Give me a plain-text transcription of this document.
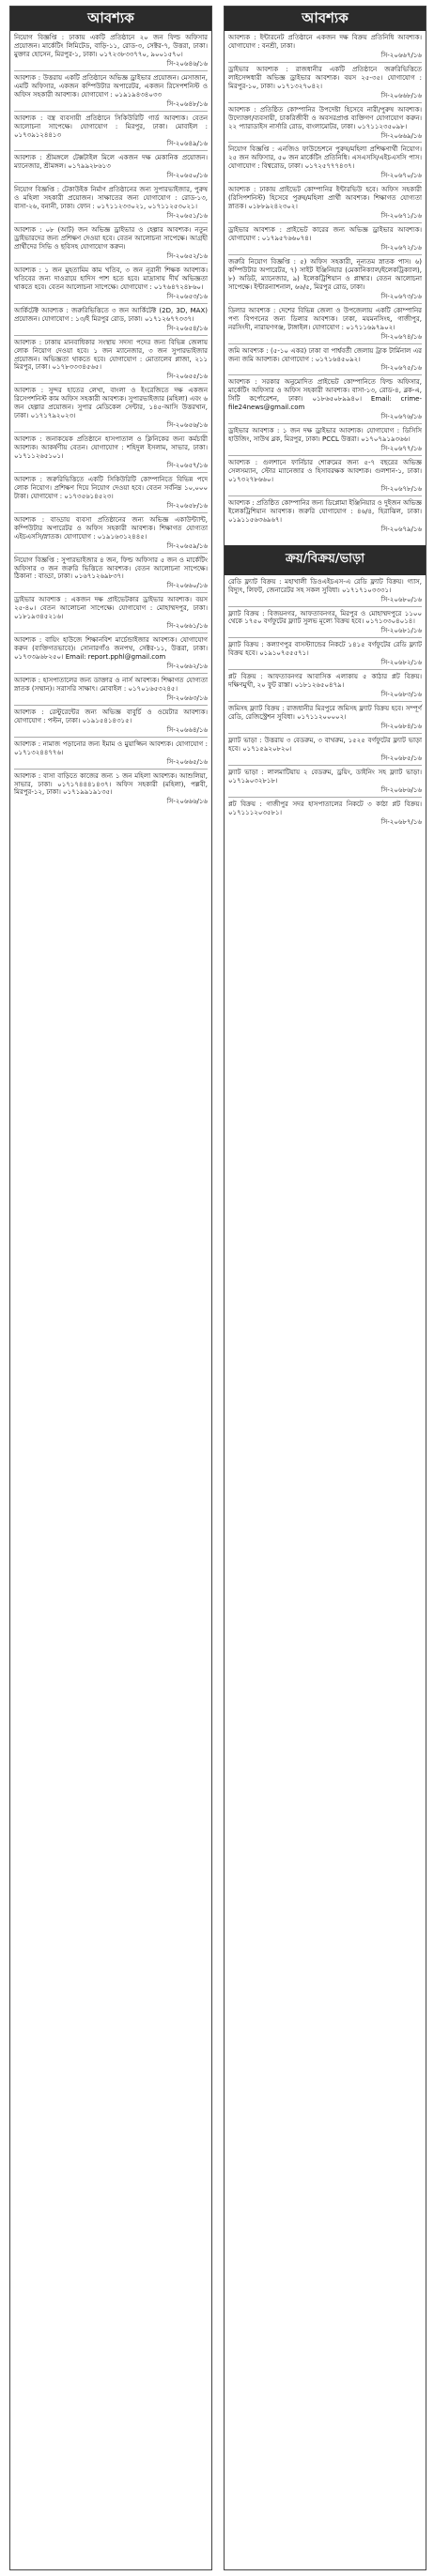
আবশ্যক

নিয়োগ বিজ্ঞপ্তি : ঢাকায় একটি প্রতিষ্ঠানে ২০ জন ফিল্ড অফিসার প্রয়োজন। মার্কেটিং লিমিটেড, বাড়ি-১১, রোড-৩, সেক্টর-৭, উত্তরা, ঢাকা। মুক্তার হোসেন, মিরপুর-১, ঢাকা। ০১৭২৩৮৩৩৭৭০, ৯০০১৫৭০।

সি-২০৬৪৬/১৬

আবশ্যক : উত্তরায় একটি প্রতিষ্ঠানে অভিজ্ঞ ড্রাইভার প্রয়োজন। মেসাজান, এমটি অফিসার, একজন কম্পিউটার অপারেটর, একজন রিসেপশনিস্ট ও অফিস সহকারী আবশ্যক। যোগাযোগ : ০১৯১৯৪৩৪০৩৩

সি-২০৬৪৮/১৬

আবশ্যক : বস্ত্র ব্যবসায়ী প্রতিষ্ঠানে সিকিউরিটি গার্ড আবশ্যক। বেতন আলোচনা সাপেক্ষে। যোগাযোগ : মিরপুর, ঢাকা। মোবাইল : ০১৭৩৯১২৪৪১৩

সি-২০৬৪৯/১৬

আবশ্যক : শ্রীমঙ্গলে টেক্সটাইল মিলে একজন দক্ষ মেকানিক প্রয়োজন। ম্যানেজার, শ্রীমঙ্গল। ০১৭৯৯২৮৬১৩

সি-২০৬৫০/১৬

নিয়োগ বিজ্ঞপ্তি : টেকাউইক নির্মাণ প্রতিষ্ঠানের জন্য সুপারভাইজার, পুরুষ ও মহিলা সহকারী প্রয়োজন। সাক্ষাতের জন্য যোগাযোগ : রোড-১৩, বাসা-২৬, বনানী, ঢাকা। ফোন : ০১৭১১২৩৩০২১, ০১৭১১২৫৩০২১।

সি-২০৬৫১/১৬

আবশ্যক : ০৮ (আট) জন অভিজ্ঞ ড্রাইভার ও হেল্পার আবশ্যক। নতুন ড্রাইভারদের জন্য প্রশিক্ষণ দেওয়া হবে। বেতন আলোচনা সাপেক্ষে। আগ্রহী প্রার্থীদের সিভি ও ছবিসহ যোগাযোগ করুন।

সি-২০৬৫২/১৬

আবশ্যক : ১ জন মুহতামিম কাম খতিব, ৩ জন নূরানী শিক্ষক আবশ্যক। খতিবের জন্য দাওরায়ে হাদিস পাশ হতে হবে। মাদ্রাসায় দীর্ঘ অভিজ্ঞতা থাকতে হবে। বেতন আলোচনা সাপেক্ষে। যোগাযোগ : ০১৭৬৪৭২৪৮৬০।

সি-২০৬৫৩/১৬

আর্কিটেক্ট আবশ্যক : জরুরিভিত্তিতে ৩ জন আর্কিটেক্ট (2D, 3D, MAX) প্রয়োজন। যোগাযোগ : ১৩/ই মিরপুর রোড, ঢাকা। ০১৭১২৬৭৭৩৩৭।

সি-২০৬৫৪/১৬

আবশ্যক : ঢাকায় মানবাধিকার সংস্থায় সদস্য পদের জন্য বিভিন্ন জেলায় লোক নিয়োগ দেওয়া হবে। ১ জন ম্যানেজার, ৩ জন সুপারভাইজার প্রয়োজন। অভিজ্ঞতা থাকতে হবে। যোগাযোগ : মোতালেব প্লাজা, ২১১ মিরপুর, ঢাকা। ০১৭৮৩৩৩৪৫৬৫।

সি-২০৬৫৫/১৬

আবশ্যক : সুন্দর হাতের লেখা, বাংলা ও ইংরেজিতে দক্ষ একজন রিসেপশনিস্ট কাম অফিস সহকারী আবশ্যক। সুপারভাইজার (মহিলা) এবং ৬ জন হেল্পার প্রয়োজন। সুপার মেডিকেল সেন্টার, ১৪৫-আসি উত্তরখান, ঢাকা। ০১৭১৭৯২০২৩।

সি-২০৬৫৬/১৬

আবশ্যক : জনাকয়েক প্রতিষ্ঠানে হাসপাতাল ও ক্লিনিকের জন্য কর্মচারী আবশ্যক। আকর্ষণীয় বেতন। যোগাযোগ : শহিদুল ইসলাম, সাভার, ঢাকা। ০১৭১১২৬৫১০১।

সি-২০৬৫৭/১৬

আবশ্যক : জরুরিভিত্তিতে একটি সিকিউরিটি কোম্পানিতে বিভিন্ন পদে লোক নিয়োগ। প্রশিক্ষণ দিয়ে নিয়োগ দেওয়া হবে। বেতন সর্বনিম্ন ১০,০০০ টাকা। যোগাযোগ : ০১৭৩৫৬১৪৫২৩।

সি-২০৬৫৮/১৬

আবশ্যক : বাড্ডায় ব্যবসা প্রতিষ্ঠানের জন্য অভিজ্ঞ একাউন্ট্যান্ট, কম্পিউটার অপারেটর ও অফিস সহকারী আবশ্যক। শিক্ষাগত যোগ্যতা এইচএসসি/স্নাতক। যোগাযোগ : ০১৯১৬৩১২৪৪৫।

সি-২০৬৫৯/১৬

নিয়োগ বিজ্ঞপ্তি : সুপারভাইজার ৪ জন, ফিল্ড অফিসার ৫ জন ও মার্কেটিং অফিসার ৩ জন জরুরি ভিত্তিতে আবশ্যক। বেতন আলোচনা সাপেক্ষে। ঠিকানা : বাড্ডা, ঢাকা। ০১৬৭১২৬৯৮৩৭।

সি-২০৬৬০/১৬

ড্রাইভার আবশ্যক : একজন দক্ষ প্রাইভেটকার ড্রাইভার আবশ্যক। বয়স ২৫-৪০। বেতন আলোচনা সাপেক্ষে। যোগাযোগ : মোহাম্মদপুর, ঢাকা। ০১৮১৯৩৪৫২১৬।

সি-২০৬৬১/১৬

আবশ্যক : বায়িং হাউজে শিক্ষানবিশ মার্চেন্ডাইজার আবশ্যক। যোগাযোগ করুন (ব্যক্তিগতভাবে)। সোনারগাঁও জনপথ, সেক্টর-১১, উত্তরা, ঢাকা। ০১৭৩৩৯৬৮২৫০। Email: report.pphl@gmail.com

সি-২০৬৬২/১৬

আবশ্যক : হাসপাতালের জন্য ডাক্তার ও নার্স আবশ্যক। শিক্ষাগত যোগ্যতা স্নাতক (সম্মান)। সরাসরি সাক্ষাৎ। মোবাইল : ০১৭০১৬৫৩২৪৫।

সি-২০৬৬৩/১৬

আবশ্যক : রেস্টুরেন্টের জন্য অভিজ্ঞ বাবুর্চি ও ওয়েটার আবশ্যক। যোগাযোগ : পল্টন, ঢাকা। ০১৯১৫৪১৪৩১৫।

সি-২০৬৬৪/১৬

আবশ্যক : নামাজ পড়ানোর জন্য ইমাম ও মুয়াজ্জিন আবশ্যক। যোগাযোগ : ০১৭১৩২৪৪৭৭৬।

সি-২০৬৬৫/১৬

আবশ্যক : বাসা বাড়িতে কাজের জন্য ১ জন মহিলা আবশ্যক। আশুলিয়া, সাভার, ঢাকা। ০১৭১৭৪৪৪১৪৩৭। অফিস সহকারী (মহিলা), পল্লবী, মিরপুর-১২, ঢাকা। ০১৭১৯৯১৯১৩৫।

সি-২০৬৬৬/১৬
আবশ্যক

আবশ্যক : ইন্টারনেট প্রতিষ্ঠানে একজন দক্ষ বিক্রয় প্রতিনিধি আবশ্যক। যোগাযোগ : বনশ্রী, ঢাকা।

সি-২০৬৬৭/১৬

ড্রাইভার আবশ্যক : রাজধানীর একটি প্রতিষ্ঠানে জরুরিভিত্তিতে লাইসেন্সধারী অভিজ্ঞ ড্রাইভার আবশ্যক। বয়স ২৫-৩৫। যোগাযোগ : মিরপুর-১০, ঢাকা। ০১৭১৩২৭০৪২।

সি-২০৬৬৮/১৬

আবশ্যক : প্রতিষ্ঠিত কোম্পানির উপদেষ্টা হিসেবে নারী/পুরুষ আবশ্যক। উদ্যোক্তা/ব্যবসায়ী, চাকরিজীবী ও অবসরপ্রাপ্ত ব্যক্তিগণ যোগাযোগ করুন। ২২ প্যারাডাইস নার্সারি রোড, বাংলামোটর, ঢাকা। ০১৭১১২৩৫০৯৮।

সি-২০৬৬৯/১৬

নিয়োগ বিজ্ঞপ্তি : এনজিও ফাউন্ডেশনে পুরুষ/মহিলা প্রশিক্ষণার্থী নিয়োগ। ২৫ জন অফিসার, ৫০ জন মার্কেটিং প্রতিনিধি। এসএসসি/এইচএসসি পাস। যোগাযোগ : বিশ্বরোড, ঢাকা। ০১৭২৫৭৭৭৪৩৭।

সি-২০৬৭০/১৬

আবশ্যক : ঢাকায় প্রাইভেট কোম্পানির ইন্টারভিউ হবে। অফিস সহকারী (রিসিপশনিস্ট) হিসেবে পুরুষ/মহিলা প্রার্থী আবশ্যক। শিক্ষাগত যোগ্যতা স্নাতক। ০১৮৮৯২৪২৩০২।

সি-২০৬৭১/১৬

ড্রাইভার আবশ্যক : প্রাইভেট কারের জন্য অভিজ্ঞ ড্রাইভার আবশ্যক। যোগাযোগ : ০১৭৯৫৭৬৬০৭৪।

সি-২০৬৭২/১৬

জরুরি নিয়োগ বিজ্ঞপ্তি : ৫) অফিস সহকারী, নূন্যতম স্নাতক পাস। ৬) কম্পিউটার অপারেটর, ৭) সাইট ইঞ্জিনিয়ার (মেকানিক্যাল/ইলেকট্রিক্যাল), ৮) অডিট, ম্যানেজার, ৯) ইলেকট্রিশিয়ান ও প্লাম্বার। বেতন আলোচনা সাপেক্ষে। ইন্টারন্যাশনাল, ৬৬/৫, মিরপুর রোড, ঢাকা।

সি-২০৬৭৩/১৬

ডিলার আবশ্যক : দেশের বিভিন্ন জেলা ও উপজেলায় একটি কোম্পানির পণ্য বিপণনের জন্য ডিলার আবশ্যক। ঢাকা, ময়মনসিংহ, গাজীপুর, নরসিংদী, নারায়ণগঞ্জ, টাঙ্গাইল। যোগাযোগ : ০১৭১১৬৯৭৯০২।

সি-২০৬৭৪/১৬

জমি আবশ্যক : (৫-১০ একর) ঢাকা বা পার্শ্ববর্তী জেলায় ট্রাক টার্মিনাল এর জন্য জমি আবশ্যক। যোগাযোগ : ০১৭১৬৪৫০৯২।

সি-২০৬৭৫/১৬

আবশ্যক : সরকার অনুমোদিত প্রাইভেট কোম্পানিতে ফিল্ড অফিসার, মার্কেটিং অফিসার ও অফিস সহকারী আবশ্যক। বাসা-১৩, রোড-৪, ব্লক-এ, সিটি কর্পোরেশন, ঢাকা। ০১৮৬৫০৮৯৯৪০। Email: crime-file24news@gmail.com

সি-২০৬৭৬/১৬

ড্রাইভার আবশ্যক : ১ জন দক্ষ ড্রাইভার আবশ্যক। যোগাযোগ : ডিসিসি হাউজিং, সাউথ ব্লক, মিরপুর, ঢাকা। PCCL উত্তরা। ০১৭০৭৯১৯৩৬৬।

সি-২০৬৭৭/১৬

আবশ্যক : গুলশানে ফার্নিচার শোরুমের জন্য ৫-৭ বছরের অভিজ্ঞ সেলসম্যান, স্টোর ম্যানেজার ও হিসাবরক্ষক আবশ্যক। গুলশান-১, ঢাকা। ০১৭৩২৭৮৬৬০।

সি-২০৬৭৮/১৬

আবশ্যক : প্রতিষ্ঠিত কোম্পানির জন্য ডিপ্লোমা ইঞ্জিনিয়ার ও দুইজন অভিজ্ঞ ইলেকট্রিশিয়ান আবশ্যক। জরুরি যোগাযোগ : ৪৬/৪, হিরাঝিল, ঢাকা। ০১৯১১৫৬৩৬৯৬৭।

সি-২০৬৭৯/১৬
ক্রয়/বিক্রয়/ভাড়া

রেডি ফ্ল্যাট বিক্রয় : মহাখালী ডিওএইচএস-এ রেডি ফ্ল্যাট বিক্রয়। গ্যাস, বিদ্যুৎ, লিফট, জেনারেটর সহ সকল সুবিধা। ০১৭১৭১০৩৩৩১।

সি-২০৬৮০/১৬

ফ্ল্যাট বিক্রয় : বিজয়নগর, আফতাবনগর, মিরপুর ও মোহাম্মদপুরে ১১০০ থেকে ১৭৫০ বর্গফুটের ফ্ল্যাট সুলভ মূল্যে বিক্রয় হবে। ০১৭১৩৩০৪০১৪।

সি-২০৬৮১/১৬

ফ্ল্যাট বিক্রয় : কল্যাণপুর বাসস্ট্যান্ডের নিকটে ১৪১৫ বর্গফুটের রেডি ফ্ল্যাট বিক্রয় হবে। ০১৯১০৭৫৫৫৭১।

সি-২০৬৮২/১৬

প্লট বিক্রয় : আফতাবনগর আবাসিক এলাকায় ৫ কাঠার প্লট বিক্রয়। দক্ষিণমুখী, ২০ ফুট রাস্তা। ০১৮১২৬৫০৪৭৯।

সি-২০৬৮৩/১৬

জমিসহ ফ্ল্যাট বিক্রয় : রাজধানীর মিরপুরে জমিসহ ফ্ল্যাট বিক্রয় হবে। সম্পূর্ণ রেডি, রেজিস্ট্রেশন সুবিধা। ০১৭১১২০০০০২।

সি-২০৬৮৪/১৬

ফ্ল্যাট ভাড়া : উত্তরায় ৩ বেডরুম, ৩ বাথরুম, ১৫২৫ বর্গফুটের ফ্ল্যাট ভাড়া হবে। ০১৭১৫৯২০৮২০।

সি-২০৬৮৫/১৬

ফ্ল্যাট ভাড়া : লালমাটিয়ায় ২ বেডরুম, ড্রয়িং, ডাইনিং সহ ফ্ল্যাট ভাড়া। ০১৭১৯০৩২৮১৮।

সি-২০৬৮৬/১৬

প্লট বিক্রয় : গাজীপুর সদর হাসপাতালের নিকটে ৩ কাঠা প্লট বিক্রয়। ০১৭১১১২০৩৫৮১।

সি-২০৬৮৭/১৬
